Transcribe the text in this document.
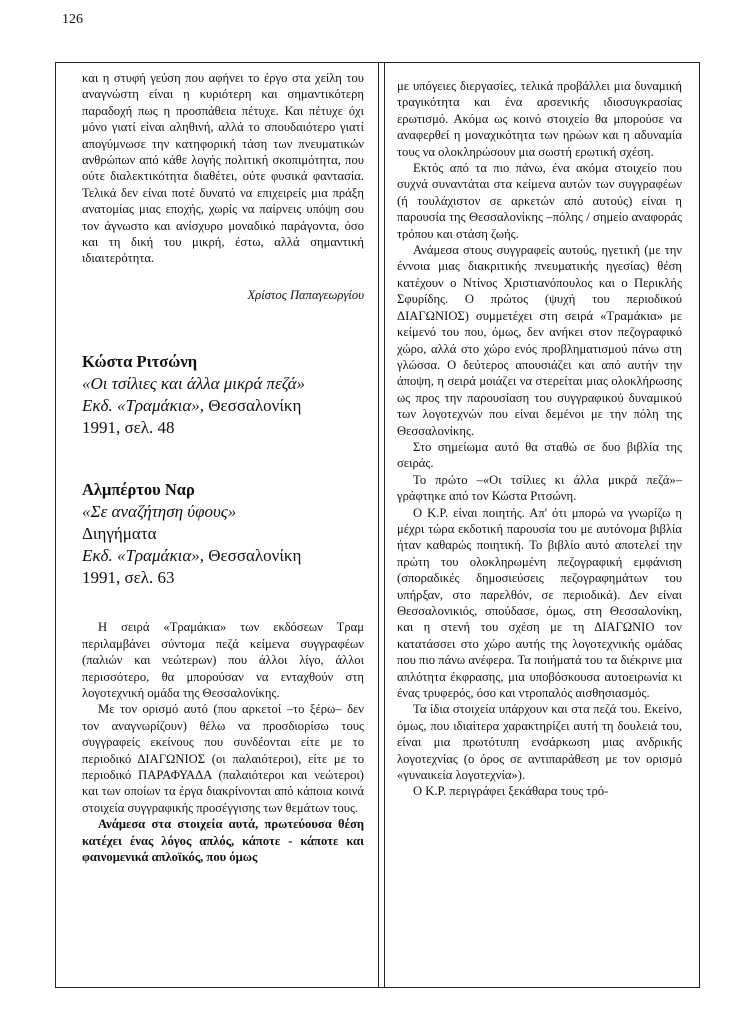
126

και η στυφή γεύση που αφήνει το έργο στα χείλη του αναγνώστη είναι η κυριότερη και σημαντικότερη παραδοχή πως η προσπάθεια πέτυχε. Και πέτυχε όχι μόνο γιατί είναι αληθινή, αλλά το σπουδαιότερο γιατί απογύμνωσε την κατηφορική τάση των πνευματικών ανθρώπων από κάθε λογής πολιτική σκοπιμότητα, που ούτε διαλεκτικότητα διαθέτει, ούτε φυσικά φαντασία. Τελικά δεν είναι ποτέ δυνατό να επιχειρείς μια πράξη ανατομίας μιας εποχής, χωρίς να παίρνεις υπόψη σου τον άγνωστο και ανίσχυρο μοναδικό παράγοντα, όσο και τη δική του μικρή, έστω, αλλά σημαντική ιδιαιτερότητα.

Χρίστος Παπαγεωργίου
Κώστα Ριτσώνη
«Οι τσίλιες και άλλα μικρά πεζά»
Εκδ. «Τραμάκια», Θεσσαλονίκη
1991, σελ. 48
Αλμπέρτου Ναρ
«Σε αναζήτηση ύφους»
Διηγήματα
Εκδ. «Τραμάκια», Θεσσαλονίκη
1991, σελ. 63

Η σειρά «Τραμάκια» των εκδόσεων Τραμ περιλαμβάνει σύντομα πεζά κείμενα συγγραφέων (παλιών και νεώτερων) που άλλοι λίγο, άλλοι περισσότερο, θα μπορούσαν να ενταχθούν στη λογοτεχνική ομάδα της Θεσσαλονίκης.

Με τον ορισμό αυτό (που αρκετοί –το ξέρω– δεν τον αναγνωρίζουν) θέλω να προσδιορίσω τους συγγραφείς εκείνους που συνδέονται είτε με το περιοδικό ΔΙΑΓΩΝΙΟΣ (οι παλαιότεροι), είτε με το περιοδικό ΠΑΡΑΦΥΑΔΑ (παλαιότεροι και νεώτεροι) και των οποίων τα έργα διακρίνονται από κάποια κοινά στοιχεία συγγραφικής προσέγγισης των θεμάτων τους.

Ανάμεσα στα στοιχεία αυτά, πρωτεύουσα θέση κατέχει ένας λόγος απλός, κάποτε - κάποτε και φαινομενικά απλοϊκός, που όμως

με υπόγειες διεργασίες, τελικά προβάλλει μια δυναμική τραγικότητα και ένα αρσενικής ιδιοσυγκρασίας ερωτισμό. Ακόμα ως κοινό στοιχείο θα μπορούσε να αναφερθεί η μοναχικότητα των ηρώων και η αδυναμία τους να ολοκληρώσουν μια σωστή ερωτική σχέση.

Εκτός από τα πιο πάνω, ένα ακόμα στοιχείο που συχνά συναντάται στα κείμενα αυτών των συγγραφέων (ή τουλάχιστον σε αρκετών από αυτούς) είναι η παρουσία της Θεσσαλονίκης –πόλης / σημείο αναφοράς τρόπου και στάση ζωής.

Ανάμεσα στους συγγραφείς αυτούς, ηγετική (με την έννοια μιας διακριτικής πνευματικής ηγεσίας) θέση κατέχουν ο Ντίνος Χριστιανόπουλος και ο Περικλής Σφυρίδης. Ο πρώτος (ψυχή του περιοδικού ΔΙΑΓΩΝΙΟΣ) συμμετέχει στη σειρά «Τραμάκια» με κείμενό του που, όμως, δεν ανήκει στον πεζογραφικό χώρο, αλλά στο χώρο ενός προβληματισμού πάνω στη γλώσσα. Ο δεύτερος απουσιάζει και από αυτήν την άποψη, η σειρά μοιάζει να στερείται μιας ολοκλήρωσης ως προς την παρουσίαση του συγγραφικού δυναμικού των λογοτεχνών που είναι δεμένοι με την πόλη της Θεσσαλονίκης.

Στο σημείωμα αυτό θα σταθώ σε δυο βιβλία της σειράς.

Το πρώτο –«Οι τσίλιες κι άλλα μικρά πεζά»– γράφτηκε από τον Κώστα Ριτσώνη.

Ο Κ.Ρ. είναι ποιητής. Απ' ότι μπορώ να γνωρίζω η μέχρι τώρα εκδοτική παρουσία του με αυτόνομα βιβλία ήταν καθαρώς ποιητική. Το βιβλίο αυτό αποτελεί την πρώτη του ολοκληρωμένη πεζογραφική εμφάνιση (σποραδικές δημοσιεύσεις πεζογραφημάτων του υπήρξαν, στο παρελθόν, σε περιοδικά). Δεν είναι Θεσσαλονικιός, σπούδασε, όμως, στη Θεσσαλονίκη, και η στενή του σχέση με τη ΔΙΑΓΩΝΙΟ τον κατατάσσει στο χώρο αυτής της λογοτεχνικής ομάδας που πιο πάνω ανέφερα. Τα ποιήματά του τα διέκρινε μια απλότητα έκφρασης, μια υποβόσκουσα αυτοειρωνία κι ένας τρυφερός, όσο και ντροπαλός αισθησιασμός.

Τα ίδια στοιχεία υπάρχουν και στα πεζά του. Εκείνο, όμως, που ιδιαίτερα χαρακτηρίζει αυτή τη δουλειά του, είναι μια πρωτότυπη ενσάρκωση μιας ανδρικής λογοτεχνίας (ο όρος σε αντιπαράθεση με τον ορισμό «γυναικεία λογοτεχνία»).

Ο Κ.Ρ. περιγράφει ξεκάθαρα τους τρό-
